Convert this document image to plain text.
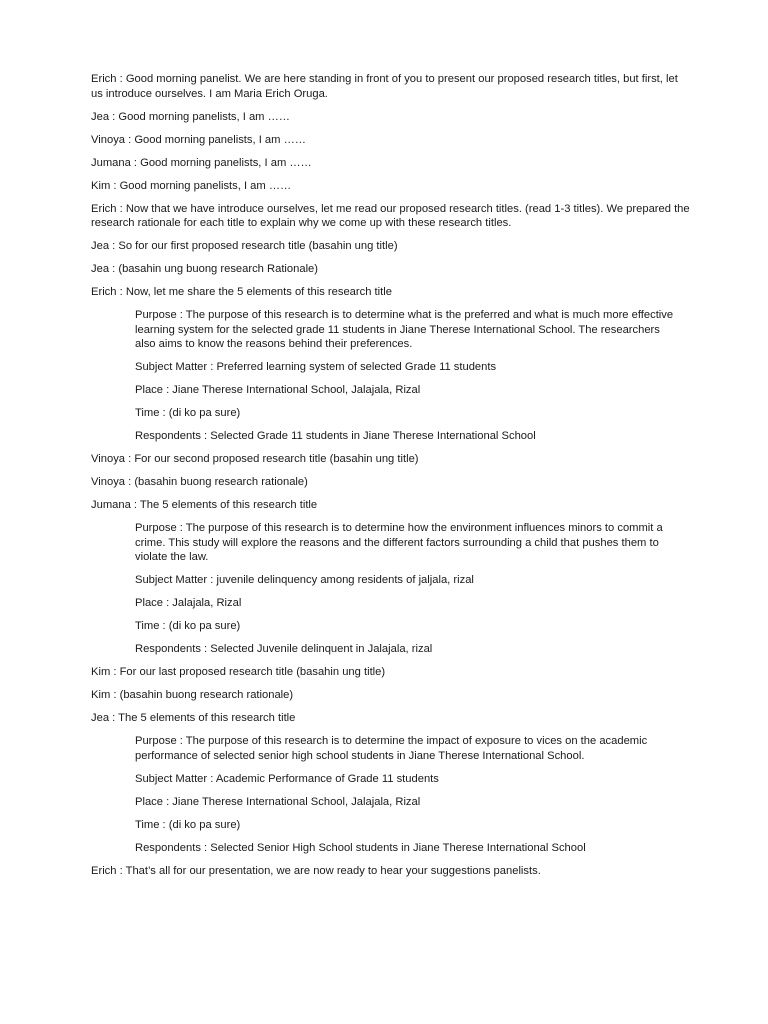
Erich : Good morning panelist. We are here standing in front of you to present our proposed research titles, but first, let us introduce ourselves. I am Maria Erich Oruga.

Jea : Good morning panelists, I am ……

Vinoya : Good morning panelists, I am ……

Jumana : Good morning panelists, I am ……

Kim : Good morning panelists, I am ……

Erich : Now that we have introduce ourselves, let me read our proposed research titles. (read 1-3 titles). We prepared the research rationale for each title to explain why we come up with these research titles.

Jea : So for our first proposed research title (basahin ung title)

Jea : (basahin ung buong research Rationale)

Erich : Now, let me share the 5 elements of this research title

Purpose : The purpose of this research is to determine what is the preferred and what is much more effective learning system for the selected grade 11 students in Jiane Therese International School. The researchers also aims to know the reasons behind their preferences.

Subject Matter : Preferred learning system of selected Grade 11 students

Place : Jiane Therese International School, Jalajala, Rizal

Time : (di ko pa sure)

Respondents : Selected Grade 11 students in Jiane Therese International School

Vinoya : For our second proposed research title (basahin ung title)

Vinoya : (basahin buong research rationale)

Jumana : The 5 elements of this research title

Purpose : The purpose of this research is to determine how the environment influences minors to commit a crime. This study will explore the reasons and the different factors surrounding a child that pushes them to violate the law.

Subject Matter : juvenile delinquency among residents of jaljala, rizal

Place : Jalajala, Rizal

Time : (di ko pa sure)

Respondents : Selected Juvenile delinquent in Jalajala, rizal

Kim : For our last proposed research title (basahin ung title)

Kim : (basahin buong research rationale)

Jea : The 5 elements of this research title

Purpose : The purpose of this research is to determine the impact of exposure to vices on the academic performance of selected senior high school students in Jiane Therese International School.

Subject Matter : Academic Performance of Grade 11 students

Place : Jiane Therese International School, Jalajala, Rizal

Time : (di ko pa sure)

Respondents : Selected Senior High School students in Jiane Therese International School

Erich : That’s all for our presentation, we are now ready to hear your suggestions panelists.
